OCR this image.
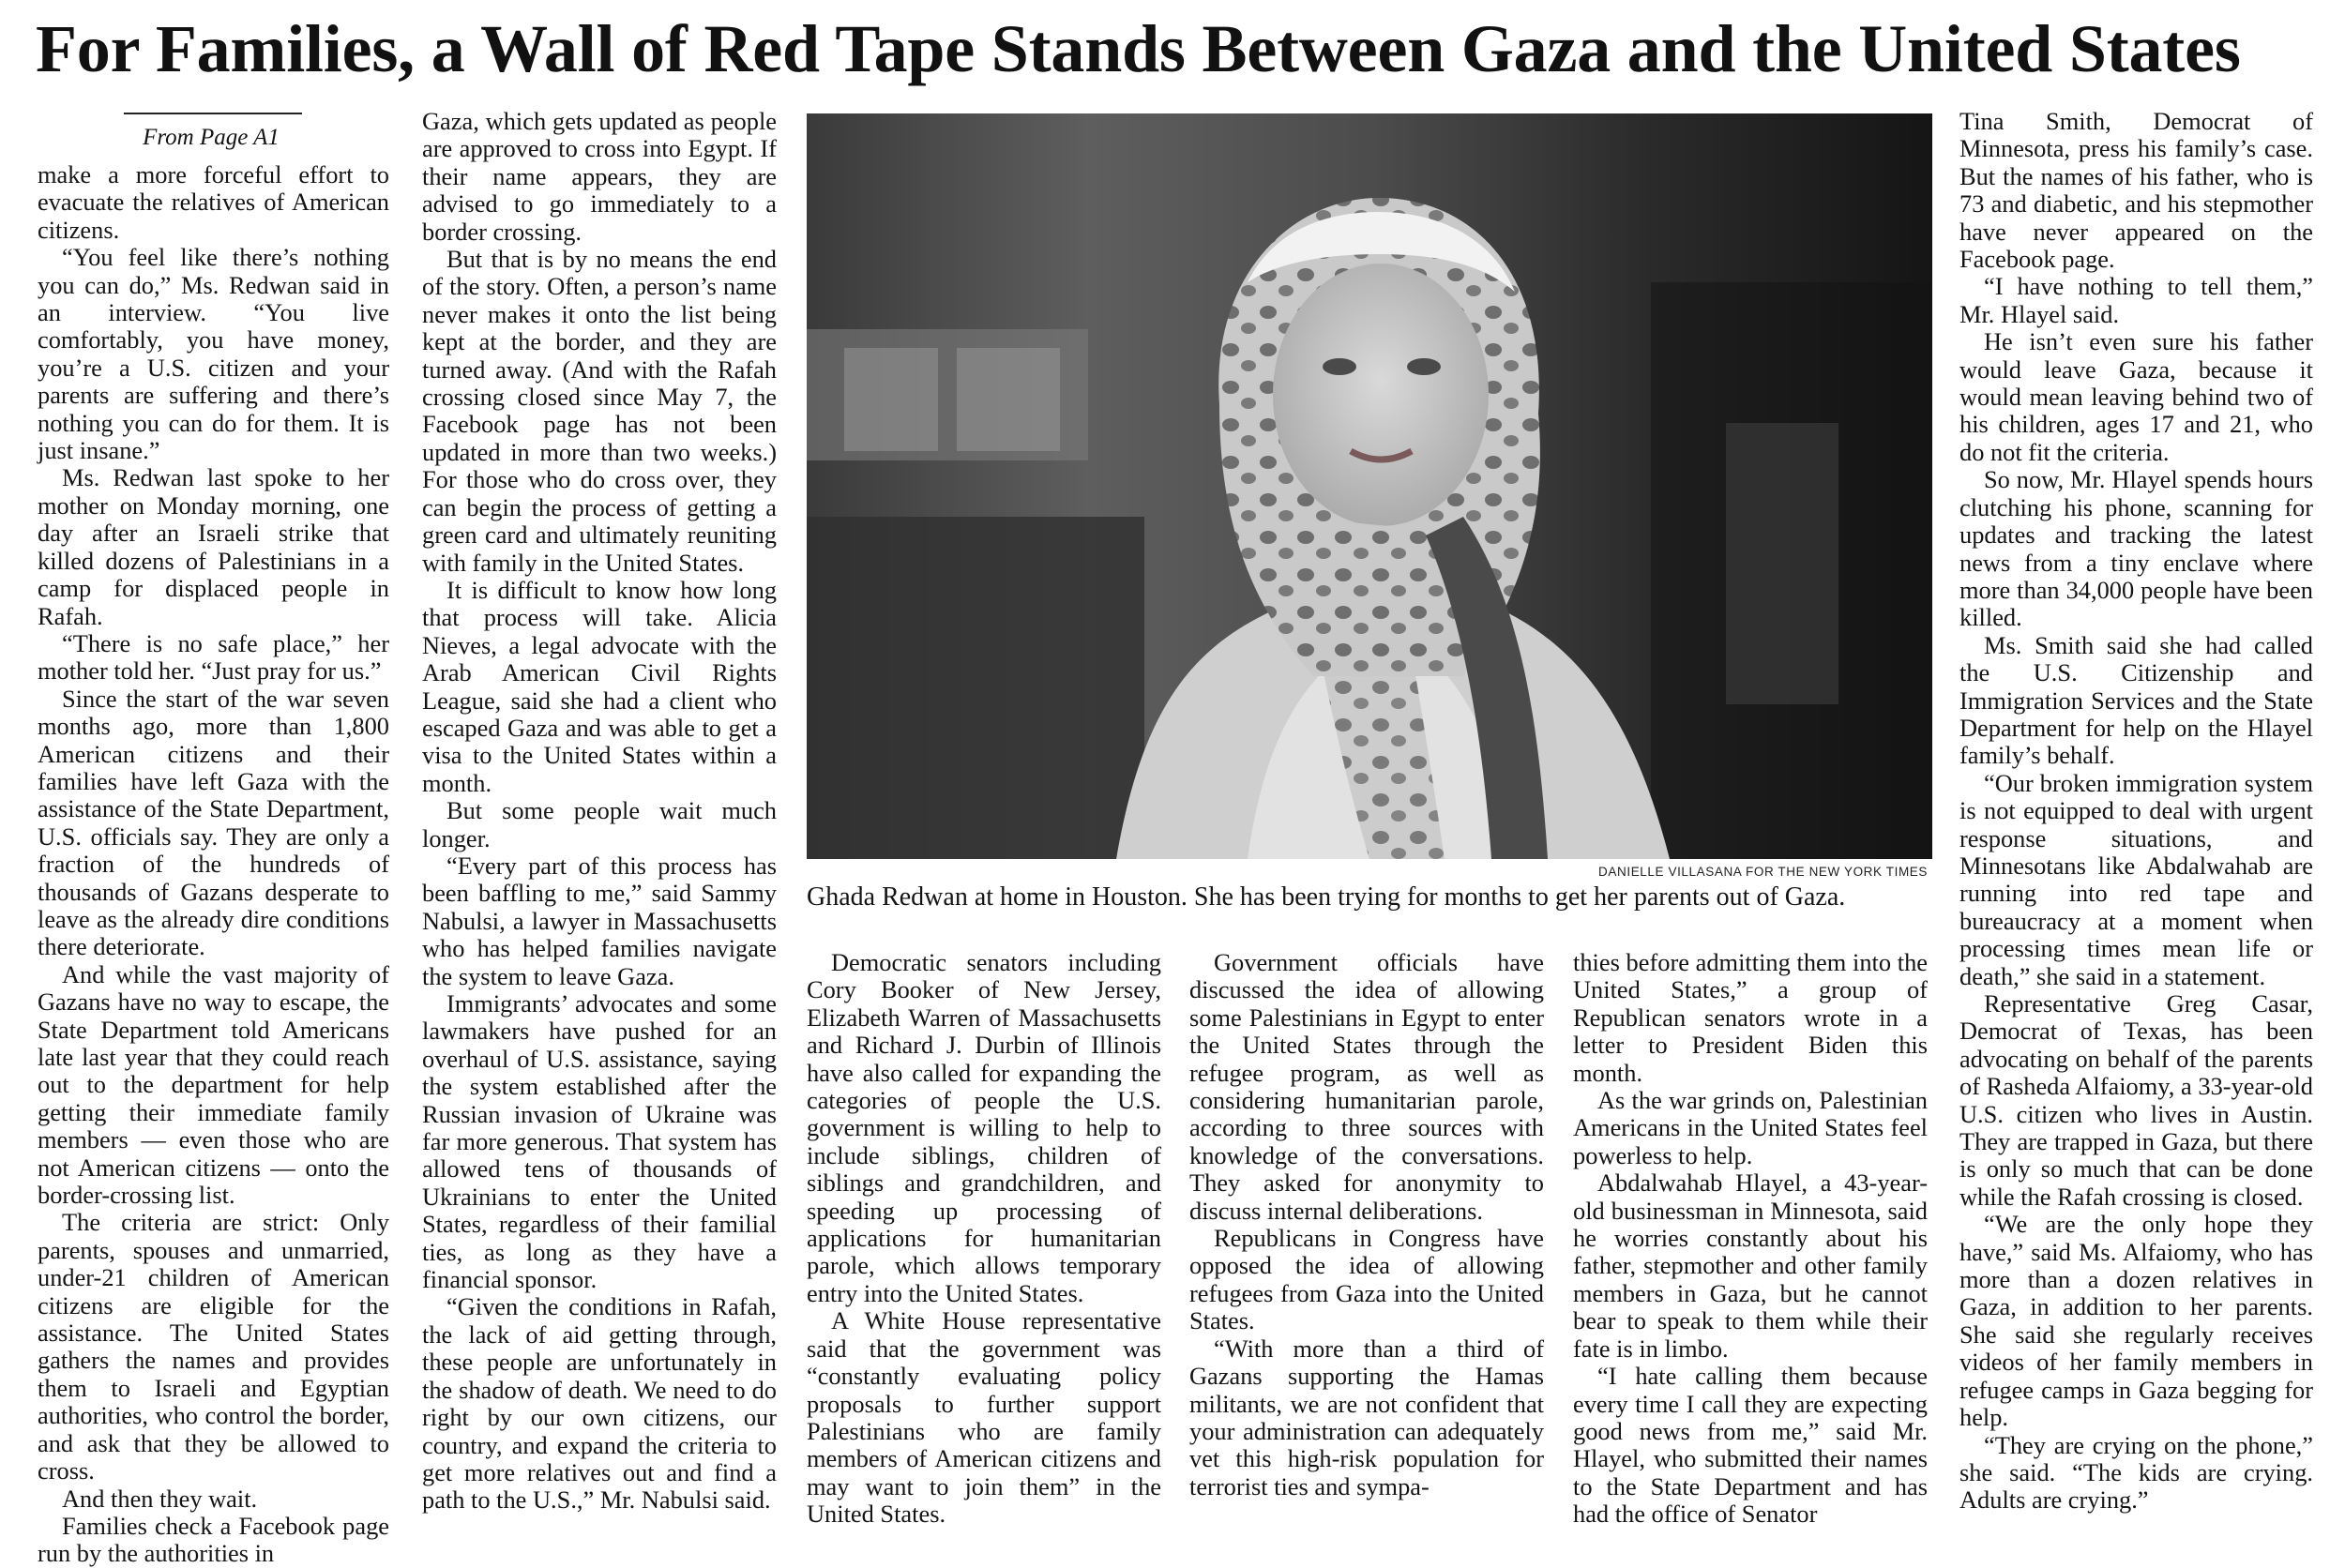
For Families, a Wall of Red Tape Stands Between Gaza and the United States
From Page A1

make a more forceful effort to evacuate the relatives of American citizens.

“You feel like there’s nothing you can do,” Ms. Redwan said in an interview. “You live comfortably, you have money, you’re a U.S. citizen and your parents are suffering and there’s nothing you can do for them. It is just insane.”

Ms. Redwan last spoke to her mother on Monday morning, one day after an Israeli strike that killed dozens of Palestinians in a camp for displaced people in Rafah.

“There is no safe place,” her mother told her. “Just pray for us.”

Since the start of the war seven months ago, more than 1,800 American citizens and their families have left Gaza with the assistance of the State Department, U.S. officials say. They are only a fraction of the hundreds of thousands of Gazans desperate to leave as the already dire conditions there deteriorate.

And while the vast majority of Gazans have no way to escape, the State Department told Americans late last year that they could reach out to the department for help getting their immediate family members — even those who are not American citizens — onto the border-crossing list.

The criteria are strict: Only parents, spouses and unmarried, under-21 children of American citizens are eligible for the assistance. The United States gathers the names and provides them to Israeli and Egyptian authorities, who control the border, and ask that they be allowed to cross.

And then they wait.

Families check a Facebook page run by the authorities in

Gaza, which gets updated as people are approved to cross into Egypt. If their name appears, they are advised to go immediately to a border crossing.

But that is by no means the end of the story. Often, a person’s name never makes it onto the list being kept at the border, and they are turned away. (And with the Rafah crossing closed since May 7, the Facebook page has not been updated in more than two weeks.) For those who do cross over, they can begin the process of getting a green card and ultimately reuniting with family in the United States.

It is difficult to know how long that process will take. Alicia Nieves, a legal advocate with the Arab American Civil Rights League, said she had a client who escaped Gaza and was able to get a visa to the United States within a month.

But some people wait much longer.

“Every part of this process has been baffling to me,” said Sammy Nabulsi, a lawyer in Massachusetts who has helped families navigate the system to leave Gaza.

Immigrants’ advocates and some lawmakers have pushed for an overhaul of U.S. assistance, saying the system established after the Russian invasion of Ukraine was far more generous. That system has allowed tens of thousands of Ukrainians to enter the United States, regardless of their familial ties, as long as they have a financial sponsor.

“Given the conditions in Rafah, the lack of aid getting through, these people are unfortunately in the shadow of death. We need to do right by our own citizens, our country, and expand the criteria to get more relatives out and find a path to the U.S.,” Mr. Nabulsi said.

DANIELLE VILLASANA FOR THE NEW YORK TIMES
Ghada Redwan at home in Houston. She has been trying for months to get her parents out of Gaza.

Democratic senators including Cory Booker of New Jersey, Elizabeth Warren of Massachusetts and Richard J. Durbin of Illinois have also called for expanding the categories of people the U.S. government is willing to help to include siblings, children of siblings and grandchildren, and speeding up processing of applications for humanitarian parole, which allows temporary entry into the United States.

A White House representative said that the government was “constantly evaluating policy proposals to further support Palestinians who are family members of American citizens and may want to join them” in the United States.

Government officials have discussed the idea of allowing some Palestinians in Egypt to enter the United States through the refugee program, as well as considering humanitarian parole, according to three sources with knowledge of the conversations. They asked for anonymity to discuss internal deliberations.

Republicans in Congress have opposed the idea of allowing refugees from Gaza into the United States.

“With more than a third of Gazans supporting the Hamas militants, we are not confident that your administration can adequately vet this high-risk population for terrorist ties and sympa-

thies before admitting them into the United States,” a group of Republican senators wrote in a letter to President Biden this month.

As the war grinds on, Palestinian Americans in the United States feel powerless to help.

Abdalwahab Hlayel, a 43-year-old businessman in Minnesota, said he worries constantly about his father, stepmother and other family members in Gaza, but he cannot bear to speak to them while their fate is in limbo.

“I hate calling them because every time I call they are expecting good news from me,” said Mr. Hlayel, who submitted their names to the State Department and has had the office of Senator

Tina Smith, Democrat of Minnesota, press his family’s case. But the names of his father, who is 73 and diabetic, and his stepmother have never appeared on the Facebook page.

“I have nothing to tell them,” Mr. Hlayel said.

He isn’t even sure his father would leave Gaza, because it would mean leaving behind two of his children, ages 17 and 21, who do not fit the criteria.

So now, Mr. Hlayel spends hours clutching his phone, scanning for updates and tracking the latest news from a tiny enclave where more than 34,000 people have been killed.

Ms. Smith said she had called the U.S. Citizenship and Immigration Services and the State Department for help on the Hlayel family’s behalf.

“Our broken immigration system is not equipped to deal with urgent response situations, and Minnesotans like Abdalwahab are running into red tape and bureaucracy at a moment when processing times mean life or death,” she said in a statement.

Representative Greg Casar, Democrat of Texas, has been advocating on behalf of the parents of Rasheda Alfaiomy, a 33-year-old U.S. citizen who lives in Austin. They are trapped in Gaza, but there is only so much that can be done while the Rafah crossing is closed.

“We are the only hope they have,” said Ms. Alfaiomy, who has more than a dozen relatives in Gaza, in addition to her parents. She said she regularly receives videos of her family members in refugee camps in Gaza begging for help.

“They are crying on the phone,” she said. “The kids are crying. Adults are crying.”
